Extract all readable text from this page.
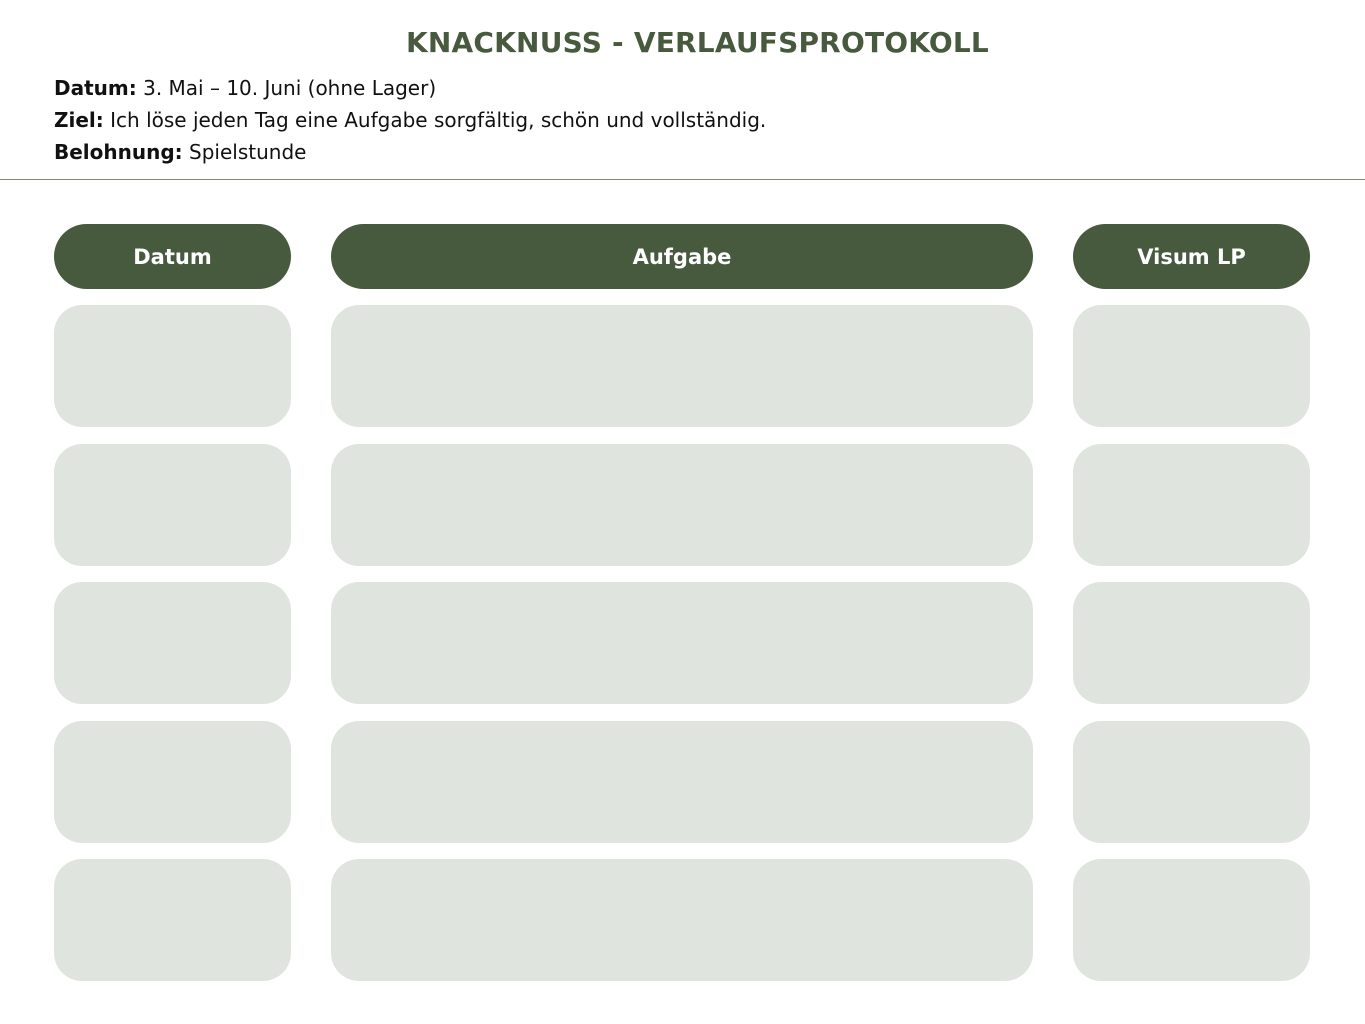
KNACKNUSS - VERLAUFSPROTOKOLL
Datum: 3. Mai – 10. Juni (ohne Lager)
Ziel: Ich löse jeden Tag eine Aufgabe sorgfältig, schön und vollständig.
Belohnung: Spielstunde
Datum	Aufgabe	Visum LP
